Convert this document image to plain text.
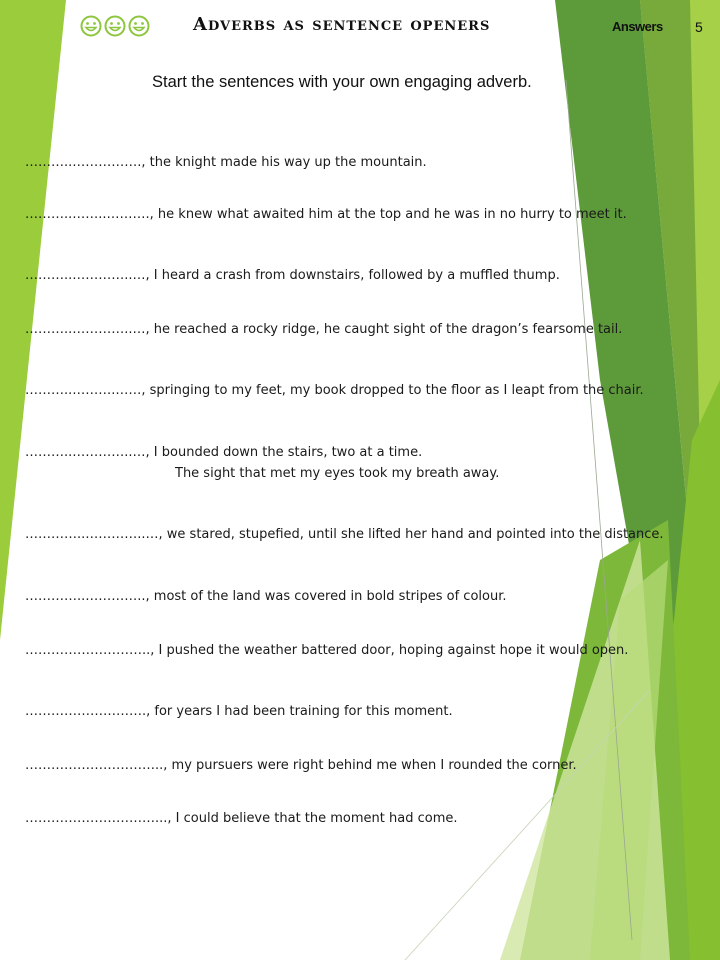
Adverbs as sentence openers	Answers 5
Start the sentences with your own engaging adverb.
………..……………., the knight made his way up the mountain.
………..……..………., he knew what awaited him at the top and he was in no hurry to meet it.
………..…………..…, I heard a crash from downstairs, followed by a muffled thump.
………..…………..…, he reached a rocky ridge, he caught sight of the dragon’s fearsome tail.
………..……….……, springing to my feet, my book dropped to the floor as I leapt from the chair.
………..…………..…, I bounded down the stairs, two at a time.
The sight that met my eyes took my breath away.
…………..…………..…, we stared, stupefied, until she lifted her hand and pointed into the distance.
…………..………….., most of the land was covered in bold stripes of colour.
……………………….., I pushed the weather battered door, hoping against hope it would open.
………………………., for years I had been training for this moment.
………………………….., my pursuers were right behind me when I rounded the corner.
…………………………..., I could believe that the moment had come.
